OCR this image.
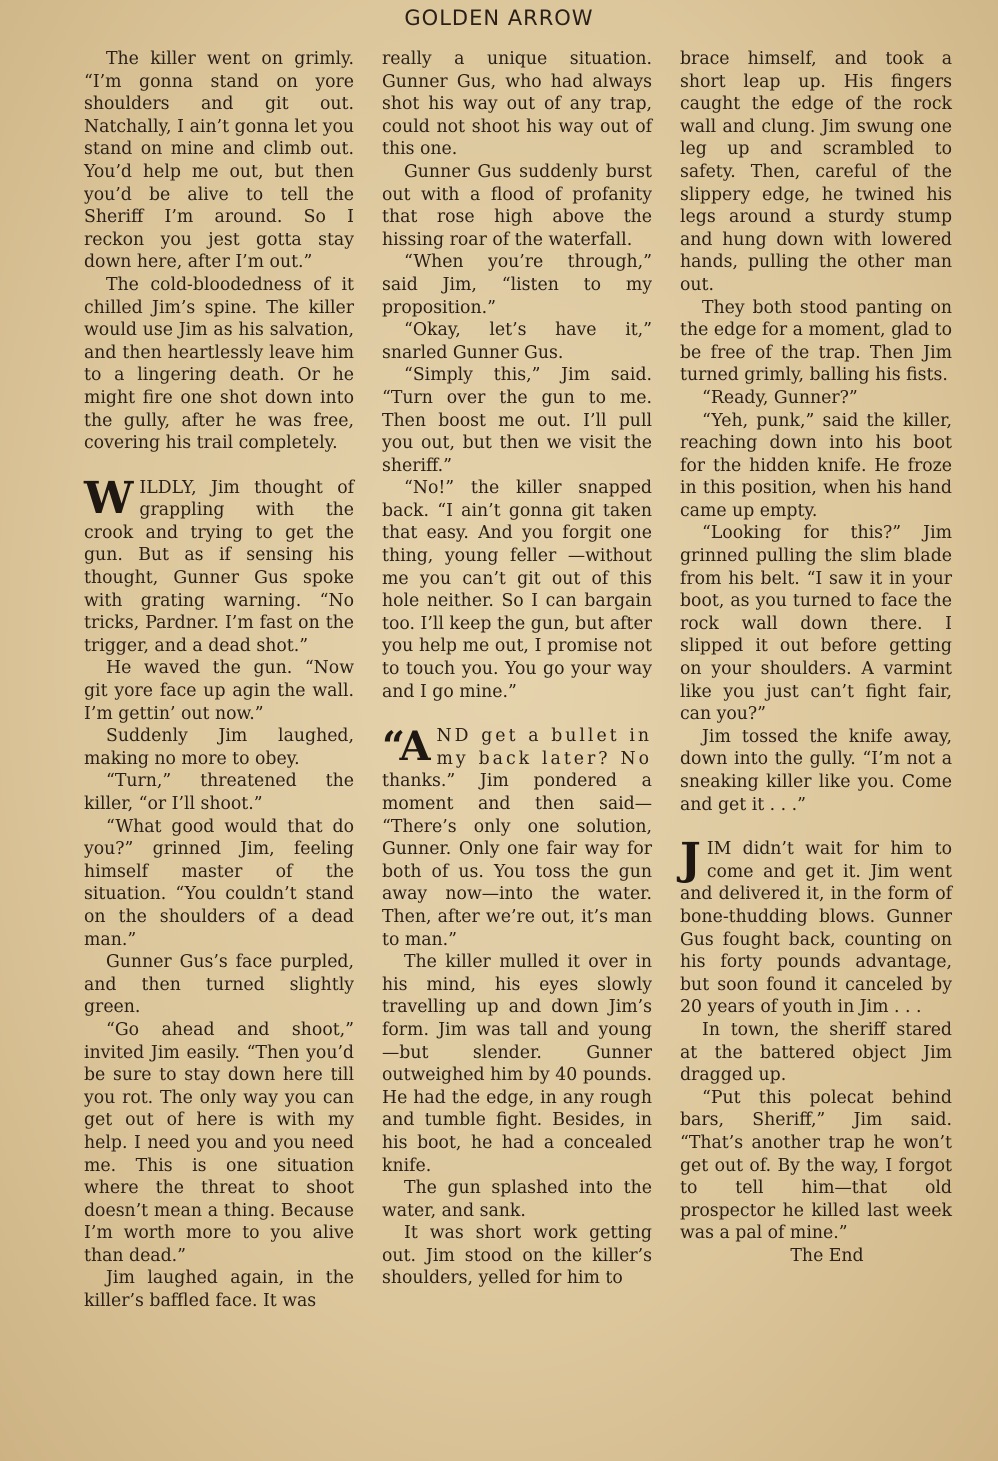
GOLDEN ARROW

The killer went on grimly. “I’m gonna stand on yore shoulders and git out. Natchally, I ain’t gonna let you stand on mine and climb out. You’d help me out, but then you’d be alive to tell the Sheriff I’m around. So I reckon you jest gotta stay down here, after I’m out.”

The cold-bloodedness of it chilled Jim’s spine. The killer would use Jim as his salvation, and then heartlessly leave him to a lingering death. Or he might fire one shot down into the gully, after he was free, covering his trail completely.

WILDLY, Jim thought of grappling with the crook and trying to get the gun. But as if sensing his thought, Gunner Gus spoke with grating warning. “No tricks, Pardner. I’m fast on the trigger, and a dead shot.”

He waved the gun. “Now git yore face up agin the wall. I’m gettin’ out now.”

Suddenly Jim laughed, making no more to obey.

“Turn,” threatened the killer, “or I’ll shoot.”

“What good would that do you?” grinned Jim, feeling himself master of the situation. “You couldn’t stand on the shoulders of a dead man.”

Gunner Gus’s face purpled, and then turned slightly green.

“Go ahead and shoot,” invited Jim easily. “Then you’d be sure to stay down here till you rot. The only way you can get out of here is with my help. I need you and you need me. This is one situation where the threat to shoot doesn’t mean a thing. Because I’m worth more to you alive than dead.”

Jim laughed again, in the killer’s baffled face. It was

really a unique situation. Gunner Gus, who had always shot his way out of any trap, could not shoot his way out of this one.

Gunner Gus suddenly burst out with a flood of profanity that rose high above the hissing roar of the waterfall.

“When you’re through,” said Jim, “listen to my proposition.”

“Okay, let’s have it,” snarled Gunner Gus.

“Simply this,” Jim said. “Turn over the gun to me. Then boost me out. I’ll pull you out, but then we visit the sheriff.”

“No!” the killer snapped back. “I ain’t gonna git taken that easy. And you forgit one thing, young feller —without me you can’t git out of this hole neither. So I can bargain too. I’ll keep the gun, but after you help me out, I promise not to touch you. You go your way and I go mine.”

“AND get a bullet in my back later? No thanks.” Jim pondered a moment and then said— “There’s only one solution, Gunner. Only one fair way for both of us. You toss the gun away now—into the water. Then, after we’re out, it’s man to man.”

The killer mulled it over in his mind, his eyes slowly travelling up and down Jim’s form. Jim was tall and young —but slender. Gunner outweighed him by 40 pounds. He had the edge, in any rough and tumble fight. Besides, in his boot, he had a concealed knife.

The gun splashed into the water, and sank.

It was short work getting out. Jim stood on the killer’s shoulders, yelled for him to

brace himself, and took a short leap up. His fingers caught the edge of the rock wall and clung. Jim swung one leg up and scrambled to safety. Then, careful of the slippery edge, he twined his legs around a sturdy stump and hung down with lowered hands, pulling the other man out.

They both stood panting on the edge for a moment, glad to be free of the trap. Then Jim turned grimly, balling his fists.

“Ready, Gunner?”

“Yeh, punk,” said the killer, reaching down into his boot for the hidden knife. He froze in this position, when his hand came up empty.

“Looking for this?” Jim grinned pulling the slim blade from his belt. “I saw it in your boot, as you turned to face the rock wall down there. I slipped it out before getting on your shoulders. A varmint like you just can’t fight fair, can you?”

Jim tossed the knife away, down into the gully. “I’m not a sneaking killer like you. Come and get it . . .”

JIM didn’t wait for him to come and get it. Jim went and delivered it, in the form of bone-thudding blows. Gunner Gus fought back, counting on his forty pounds advantage, but soon found it canceled by 20 years of youth in Jim . . .

In town, the sheriff stared at the battered object Jim dragged up.

“Put this polecat behind bars, Sheriff,” Jim said. “That’s another trap he won’t get out of. By the way, I forgot to tell him—that old prospector he killed last week was a pal of mine.”

The End
